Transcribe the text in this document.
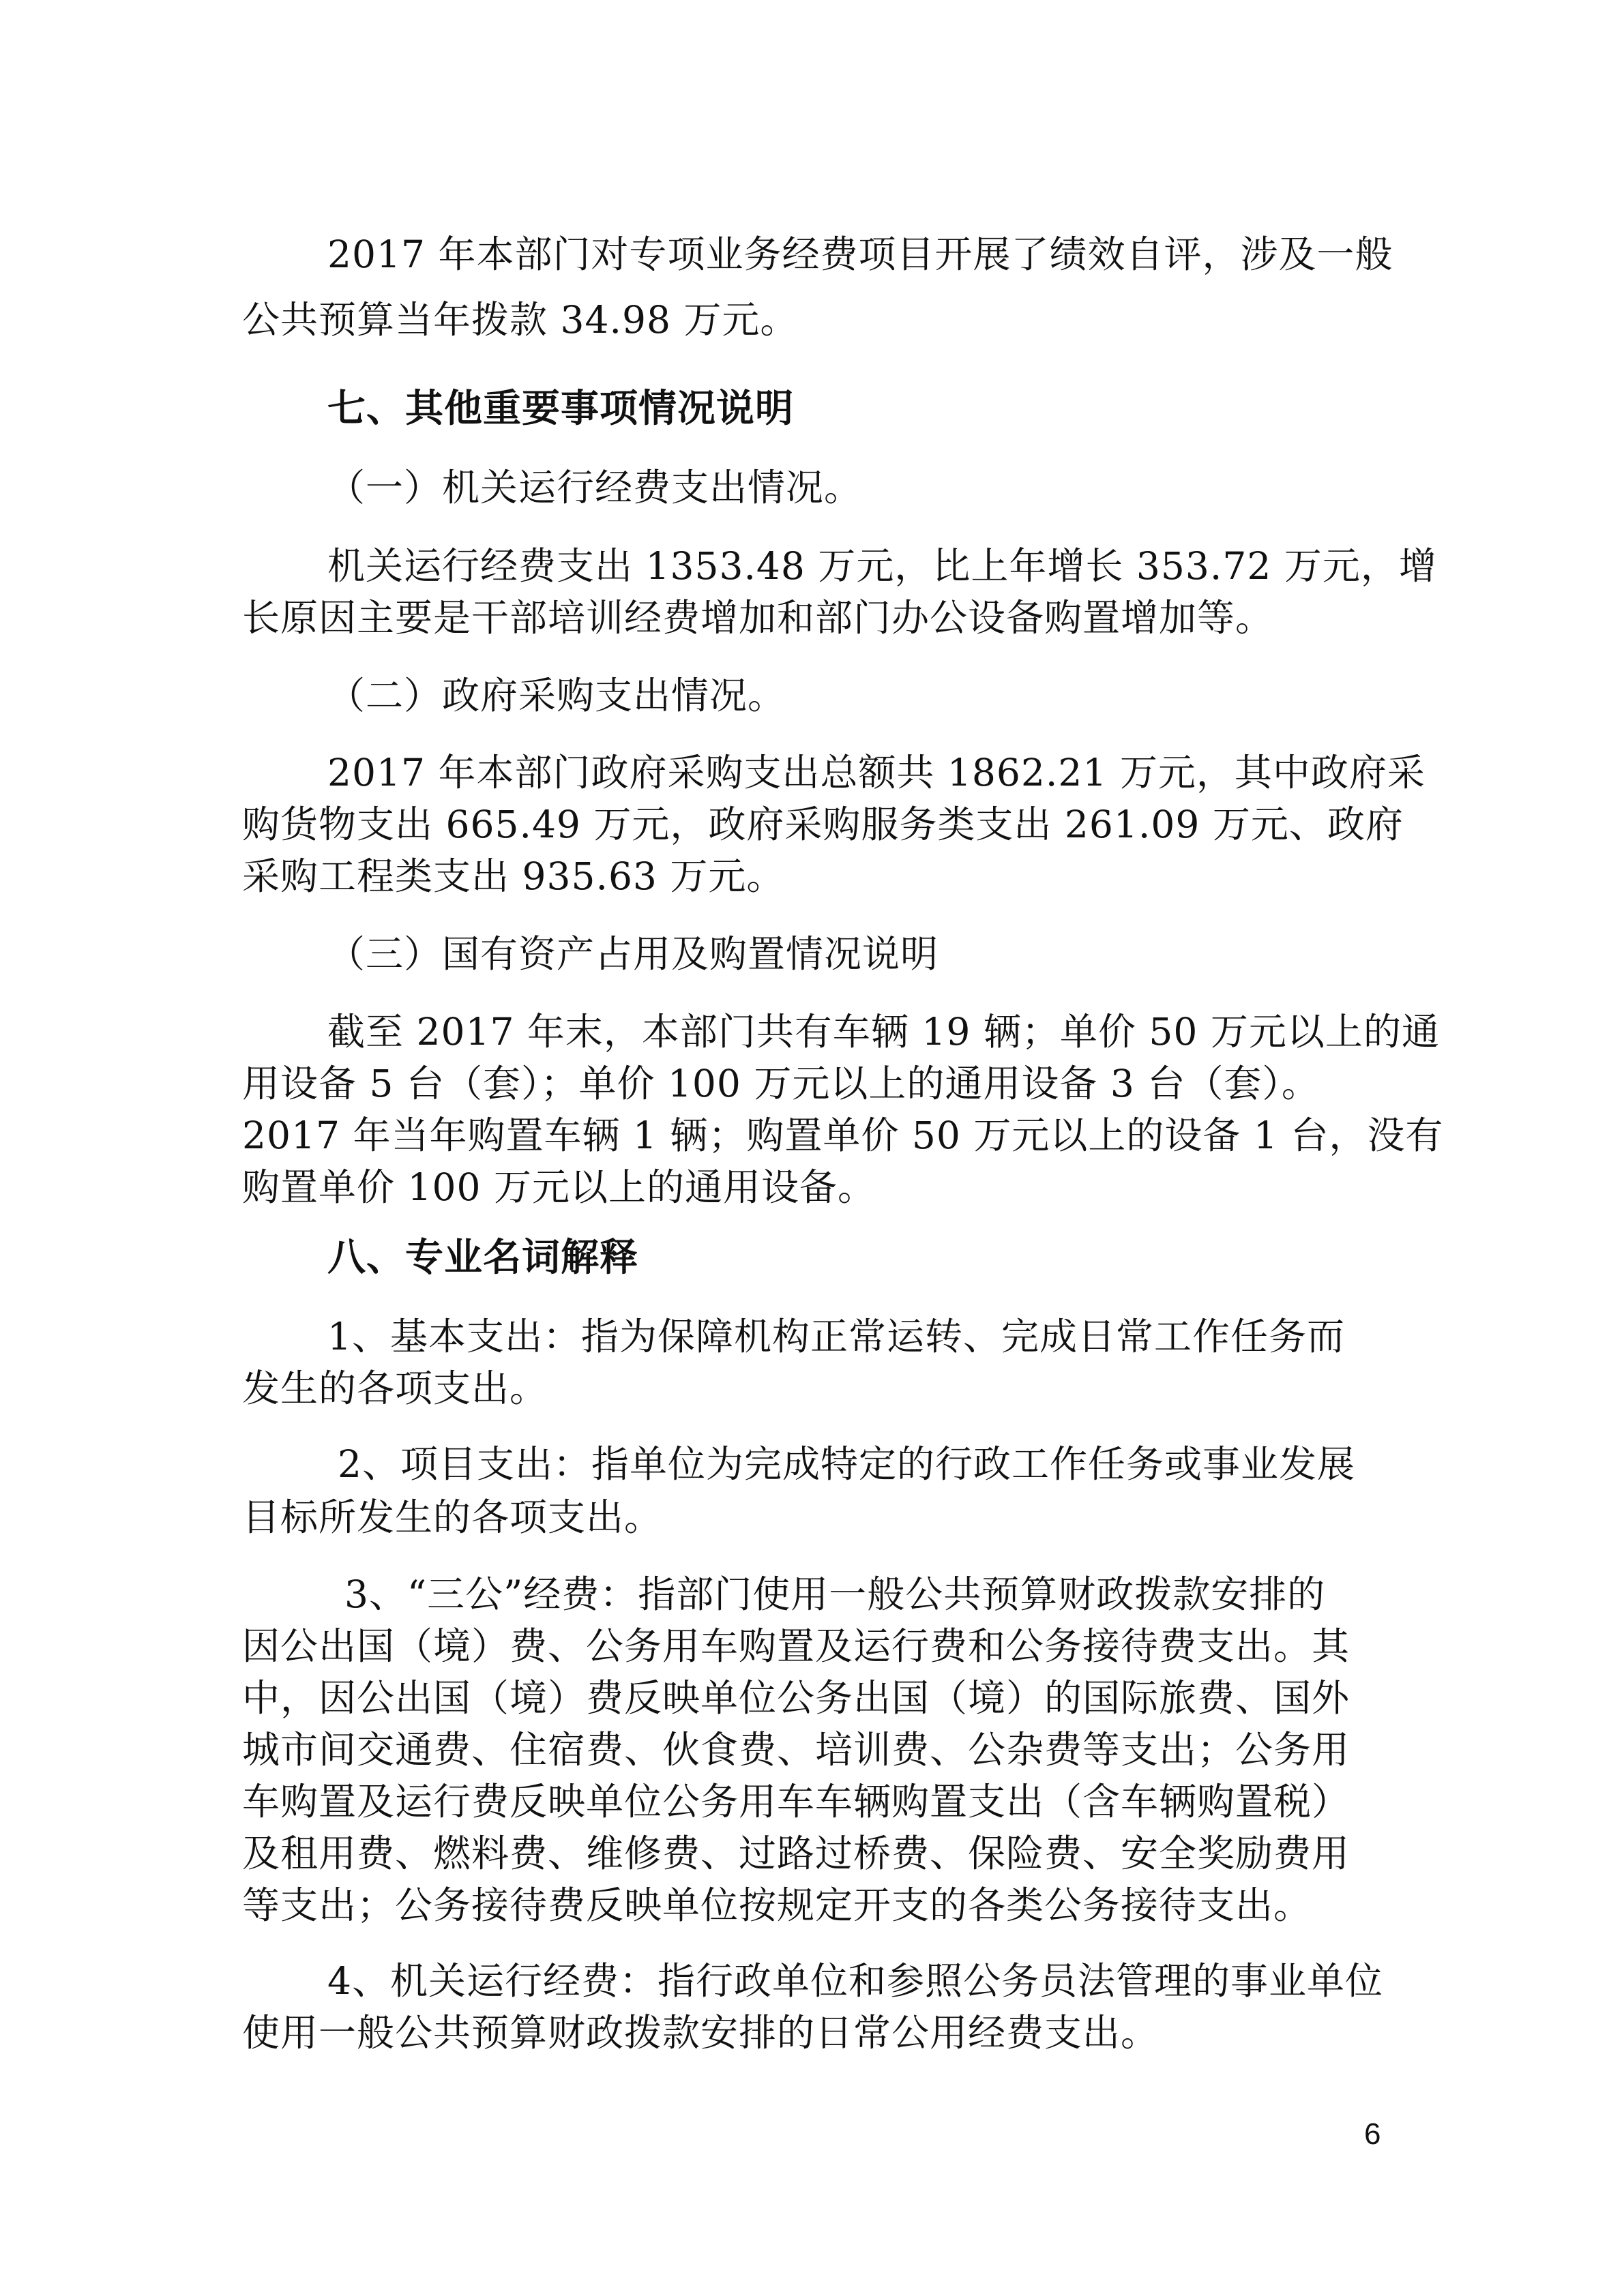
2017 年本部门对专项业务经费项目开展了绩效自评，涉及一般
公共预算当年拨款 34.98 万元。
七、其他重要事项情况说明
（一）机关运行经费支出情况。
机关运行经费支出 1353.48 万元，比上年增长 353.72 万元，增
长原因主要是干部培训经费增加和部门办公设备购置增加等。
（二）政府采购支出情况。
2017 年本部门政府采购支出总额共 1862.21 万元，其中政府采
购货物支出 665.49 万元，政府采购服务类支出 261.09 万元、政府
采购工程类支出 935.63 万元。
（三）国有资产占用及购置情况说明
截至 2017 年末，本部门共有车辆 19 辆；单价 50 万元以上的通
用设备 5 台（套）；单价 100 万元以上的通用设备 3 台（套）。
2017 年当年购置车辆 1 辆；购置单价 50 万元以上的设备 1 台，没有
购置单价 100 万元以上的通用设备。
八、专业名词解释
1、基本支出：指为保障机构正常运转、完成日常工作任务而
发生的各项支出。
2、项目支出：指单位为完成特定的行政工作任务或事业发展
目标所发生的各项支出。
3、“三公”经费：指部门使用一般公共预算财政拨款安排的
因公出国（境）费、公务用车购置及运行费和公务接待费支出。其
中，因公出国（境）费反映单位公务出国（境）的国际旅费、国外
城市间交通费、住宿费、伙食费、培训费、公杂费等支出；公务用
车购置及运行费反映单位公务用车车辆购置支出（含车辆购置税）
及租用费、燃料费、维修费、过路过桥费、保险费、安全奖励费用
等支出；公务接待费反映单位按规定开支的各类公务接待支出。
4、机关运行经费：指行政单位和参照公务员法管理的事业单位
使用一般公共预算财政拨款安排的日常公用经费支出。
6
